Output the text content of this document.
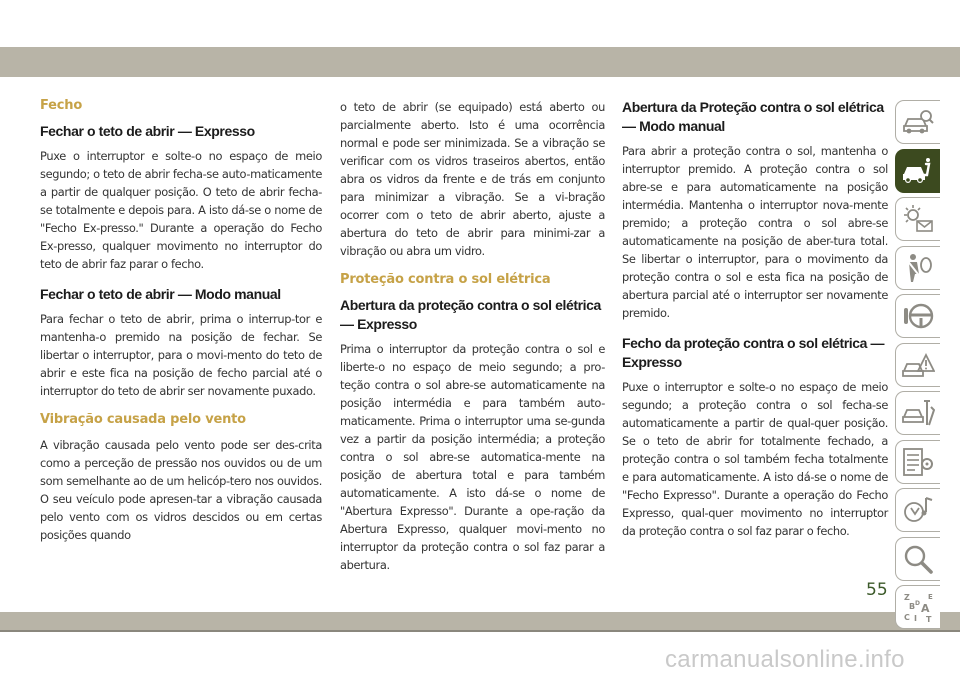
Fecho
Fechar o teto de abrir — Expresso

Puxe o interruptor e solte-o no espaço de meio segundo; o teto de abrir fecha-se auto-maticamente a partir de qualquer posição. O teto de abrir fecha-se totalmente e depois para. A isto dá-se o nome de "Fecho Ex-presso." Durante a operação do Fecho Ex-presso, qualquer movimento no interruptor do teto de abrir faz parar o fecho.

Fechar o teto de abrir — Modo manual

Para fechar o teto de abrir, prima o interrup-tor e mantenha-o premido na posição de fechar. Se libertar o interruptor, para o movi-mento do teto de abrir e este fica na posição de fecho parcial até o interruptor do teto de abrir ser novamente puxado.

Vibração causada pelo vento

A vibração causada pelo vento pode ser des-crita como a perceção de pressão nos ouvidos ou de um som semelhante ao de um helicóp-tero nos ouvidos. O seu veículo pode apresen-tar a vibração causada pelo vento com os vidros descidos ou em certas posições quando

o teto de abrir (se equipado) está aberto ou parcialmente aberto. Isto é uma ocorrência normal e pode ser minimizada. Se a vibração se verificar com os vidros traseiros abertos, então abra os vidros da frente e de trás em conjunto para minimizar a vibração. Se a vi-bração ocorrer com o teto de abrir aberto, ajuste a abertura do teto de abrir para minimi-zar a vibração ou abra um vidro.

Proteção contra o sol elétrica
Abertura da proteção contra o sol elétrica — Expresso

Prima o interruptor da proteção contra o sol e liberte-o no espaço de meio segundo; a pro-teção contra o sol abre-se automaticamente na posição intermédia e para também auto-maticamente. Prima o interruptor uma se-gunda vez a partir da posição intermédia; a proteção contra o sol abre-se automatica-mente na posição de abertura total e para também automaticamente. A isto dá-se o nome de "Abertura Expresso". Durante a ope-ração da Abertura Expresso, qualquer movi-mento no interruptor da proteção contra o sol faz parar a abertura.

Abertura da Proteção contra o sol elétrica — Modo manual

Para abrir a proteção contra o sol, mantenha o interruptor premido. A proteção contra o sol abre-se e para automaticamente na posição intermédia. Mantenha o interruptor nova-mente premido; a proteção contra o sol abre-se automaticamente na posição de aber-tura total. Se libertar o interruptor, para o movimento da proteção contra o sol e esta fica na posição de abertura parcial até o interruptor ser novamente premido.

Fecho da proteção contra o sol elétrica — Expresso

Puxe o interruptor e solte-o no espaço de meio segundo; a proteção contra o sol fecha-se automaticamente a partir de qual-quer posição. Se o teto de abrir for totalmente fechado, a proteção contra o sol também fecha totalmente e para automaticamente. A isto dá-se o nome de "Fecho Expresso". Durante a operação do Fecho Expresso, qual-quer movimento no interruptor da proteção contra o sol faz parar o fecho.

Z	E
B A
C
D
I T
55
carmanualsonline.info
